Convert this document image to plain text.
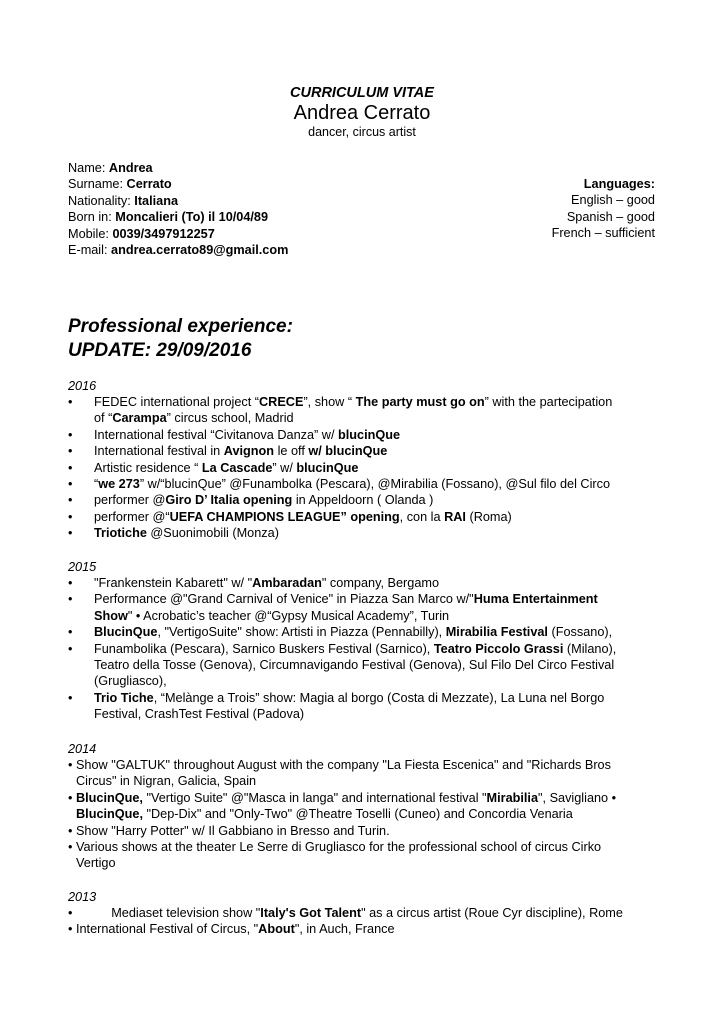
CURRICULUM VITAE
Andrea Cerrato
dancer, circus artist
Name: Andrea
Surname: Cerrato
Nationality: Italiana
Born in: Moncalieri (To) il 10/04/89
Mobile: 0039/3497912257
E-mail: andrea.cerrato89@gmail.com
Languages:
English – good
Spanish – good
French – sufficient
Professional experience:
UPDATE: 29/09/2016
2016
• FEDEC international project “CRECE”, show “ The party must go on” with the partecipation
of “Carampa” circus school, Madrid
• International festival “Civitanova Danza” w/ blucinQue
• International festival in Avignon le off w/ blucinQue
• Artistic residence “ La Cascade” w/ blucinQue
• “we 273” w/“blucinQue” @Funambolka (Pescara), @Mirabilia (Fossano), @Sul filo del Circo
• performer @Giro D’ Italia opening in Appeldoorn ( Olanda )
• performer @“UEFA CHAMPIONS LEAGUE” opening, con la RAI (Roma)
• Triotiche @Suonimobili (Monza)
2015
• "Frankenstein Kabarett" w/ "Ambaradan" company, Bergamo
• Performance @"Grand Carnival of Venice" in Piazza San Marco w/"Huma Entertainment
Show" • Acrobatic’s teacher @“Gypsy Musical Academy”, Turin
• BlucinQue, "VertigoSuite" show: Artisti in Piazza (Pennabilly), Mirabilia Festival (Fossano),
• Funambolika (Pescara), Sarnico Buskers Festival (Sarnico), Teatro Piccolo Grassi (Milano),
Teatro della Tosse (Genova), Circumnavigando Festival (Genova), Sul Filo Del Circo Festival
(Grugliasco),
• Trio Tiche, “Melànge a Trois” show: Magia al borgo (Costa di Mezzate), La Luna nel Borgo
Festival, CrashTest Festival (Padova)
2014
• Show "GALTUK" throughout August with the company "La Fiesta Escenica" and "Richards Bros
Circus" in Nigran, Galicia, Spain
• BlucinQue, "Vertigo Suite" @"Masca in langa" and international festival "Mirabilia", Savigliano •
BlucinQue, "Dep-Dix" and "Only-Two" @Theatre Toselli (Cuneo) and Concordia Venaria
• Show "Harry Potter" w/ Il Gabbiano in Bresso and Turin.
• Various shows at the theater Le Serre di Grugliasco for the professional school of circus Cirko
Vertigo
2013
•           Mediaset television show "Italy's Got Talent" as a circus artist (Roue Cyr discipline), Rome
• International Festival of Circus, "About", in Auch, France
